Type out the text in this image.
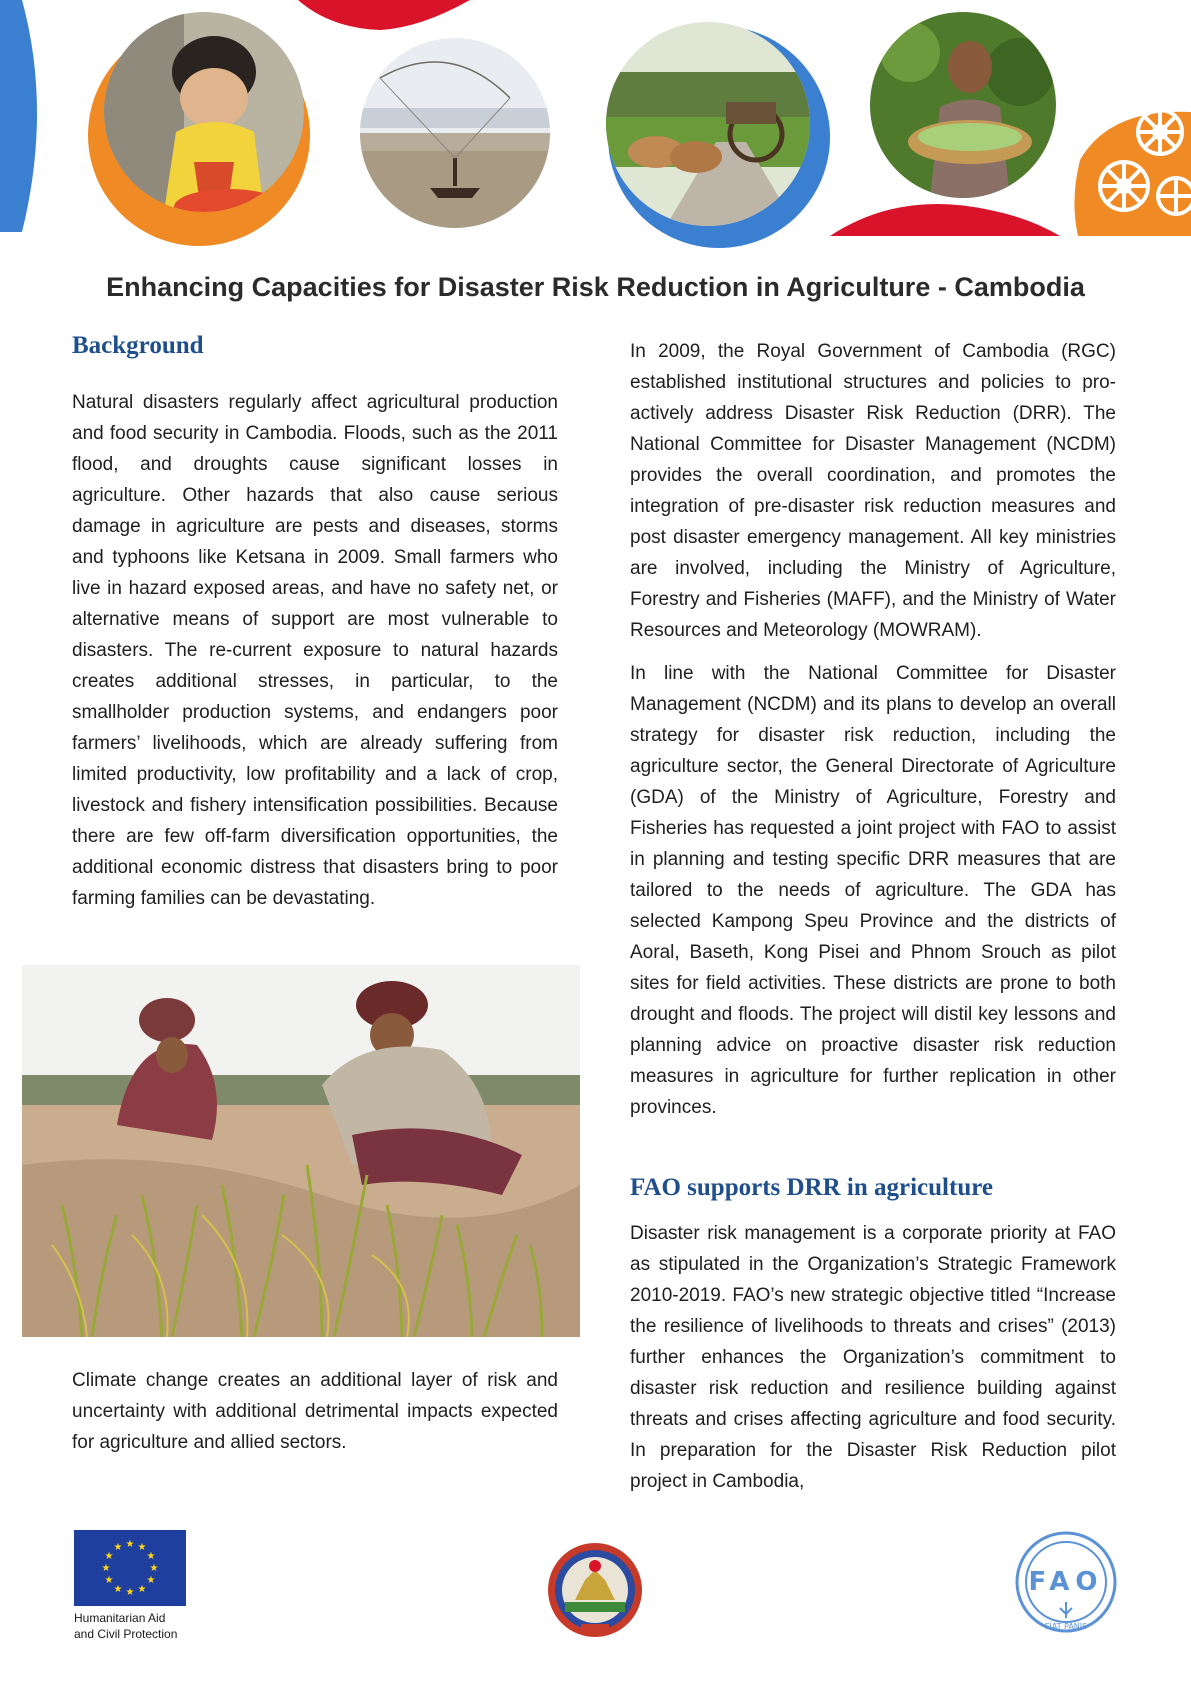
Enhancing Capacities for Disaster Risk Reduction in Agriculture - Cambodia
Background

Natural disasters regularly affect agricultural production and food security in Cambodia. Floods, such as the 2011 flood, and droughts cause significant losses in agriculture. Other hazards that also cause serious damage in agriculture are pests and diseases, storms and typhoons like Ketsana in 2009. Small farmers who live in hazard exposed areas, and have no safety net, or alternative means of support are most vulnerable to disasters. The re-current exposure to natural hazards creates additional stresses, in particular, to the smallholder production systems, and endangers poor farmers’ livelihoods, which are already suffering from limited productivity, low profitability and a lack of crop, livestock and fishery intensification possibilities. Because there are few off-farm diversification opportunities, the additional economic distress that disasters bring to poor farming families can be devastating.

Climate change creates an additional layer of risk and uncertainty with additional detrimental impacts expected for agriculture and allied sectors.

In 2009, the Royal Government of Cambodia (RGC) established institutional structures and policies to pro-actively address Disaster Risk Reduction (DRR). The National Committee for Disaster Management (NCDM) provides the overall coordination, and promotes the integration of pre-disaster risk reduction measures and post disaster emergency management. All key ministries are involved, including the Ministry of Agriculture, Forestry and Fisheries (MAFF), and the Ministry of Water Resources and Meteorology (MOWRAM).

In line with the National Committee for Disaster Management (NCDM) and its plans to develop an overall strategy for disaster risk reduction, including the agriculture sector, the General Directorate of Agriculture (GDA) of the Ministry of Agriculture, Forestry and Fisheries has requested a joint project with FAO to assist in planning and testing specific DRR measures that are tailored to the needs of agriculture. The GDA has selected Kampong Speu Province and the districts of Aoral, Baseth, Kong Pisei and Phnom Srouch as pilot sites for field activities. These districts are prone to both drought and floods. The project will distil key lessons and planning advice on proactive disaster risk reduction measures in agriculture for further replication in other provinces.

FAO supports DRR in agriculture

Disaster risk management is a corporate priority at FAO as stipulated in the Organization’s Strategic Framework 2010-2019. FAO’s new strategic objective titled “Increase the resilience of livelihoods to threats and crises” (2013) further enhances the Organization’s commitment to disaster risk reduction and resilience building against threats and crises affecting agriculture and food security. In preparation for the Disaster Risk Reduction pilot project in Cambodia,

★ ★
★
★
★
★
★
★
★
★
★
★
Humanitarian Aid
and Civil Protection
FAO
FIAT PANIS
